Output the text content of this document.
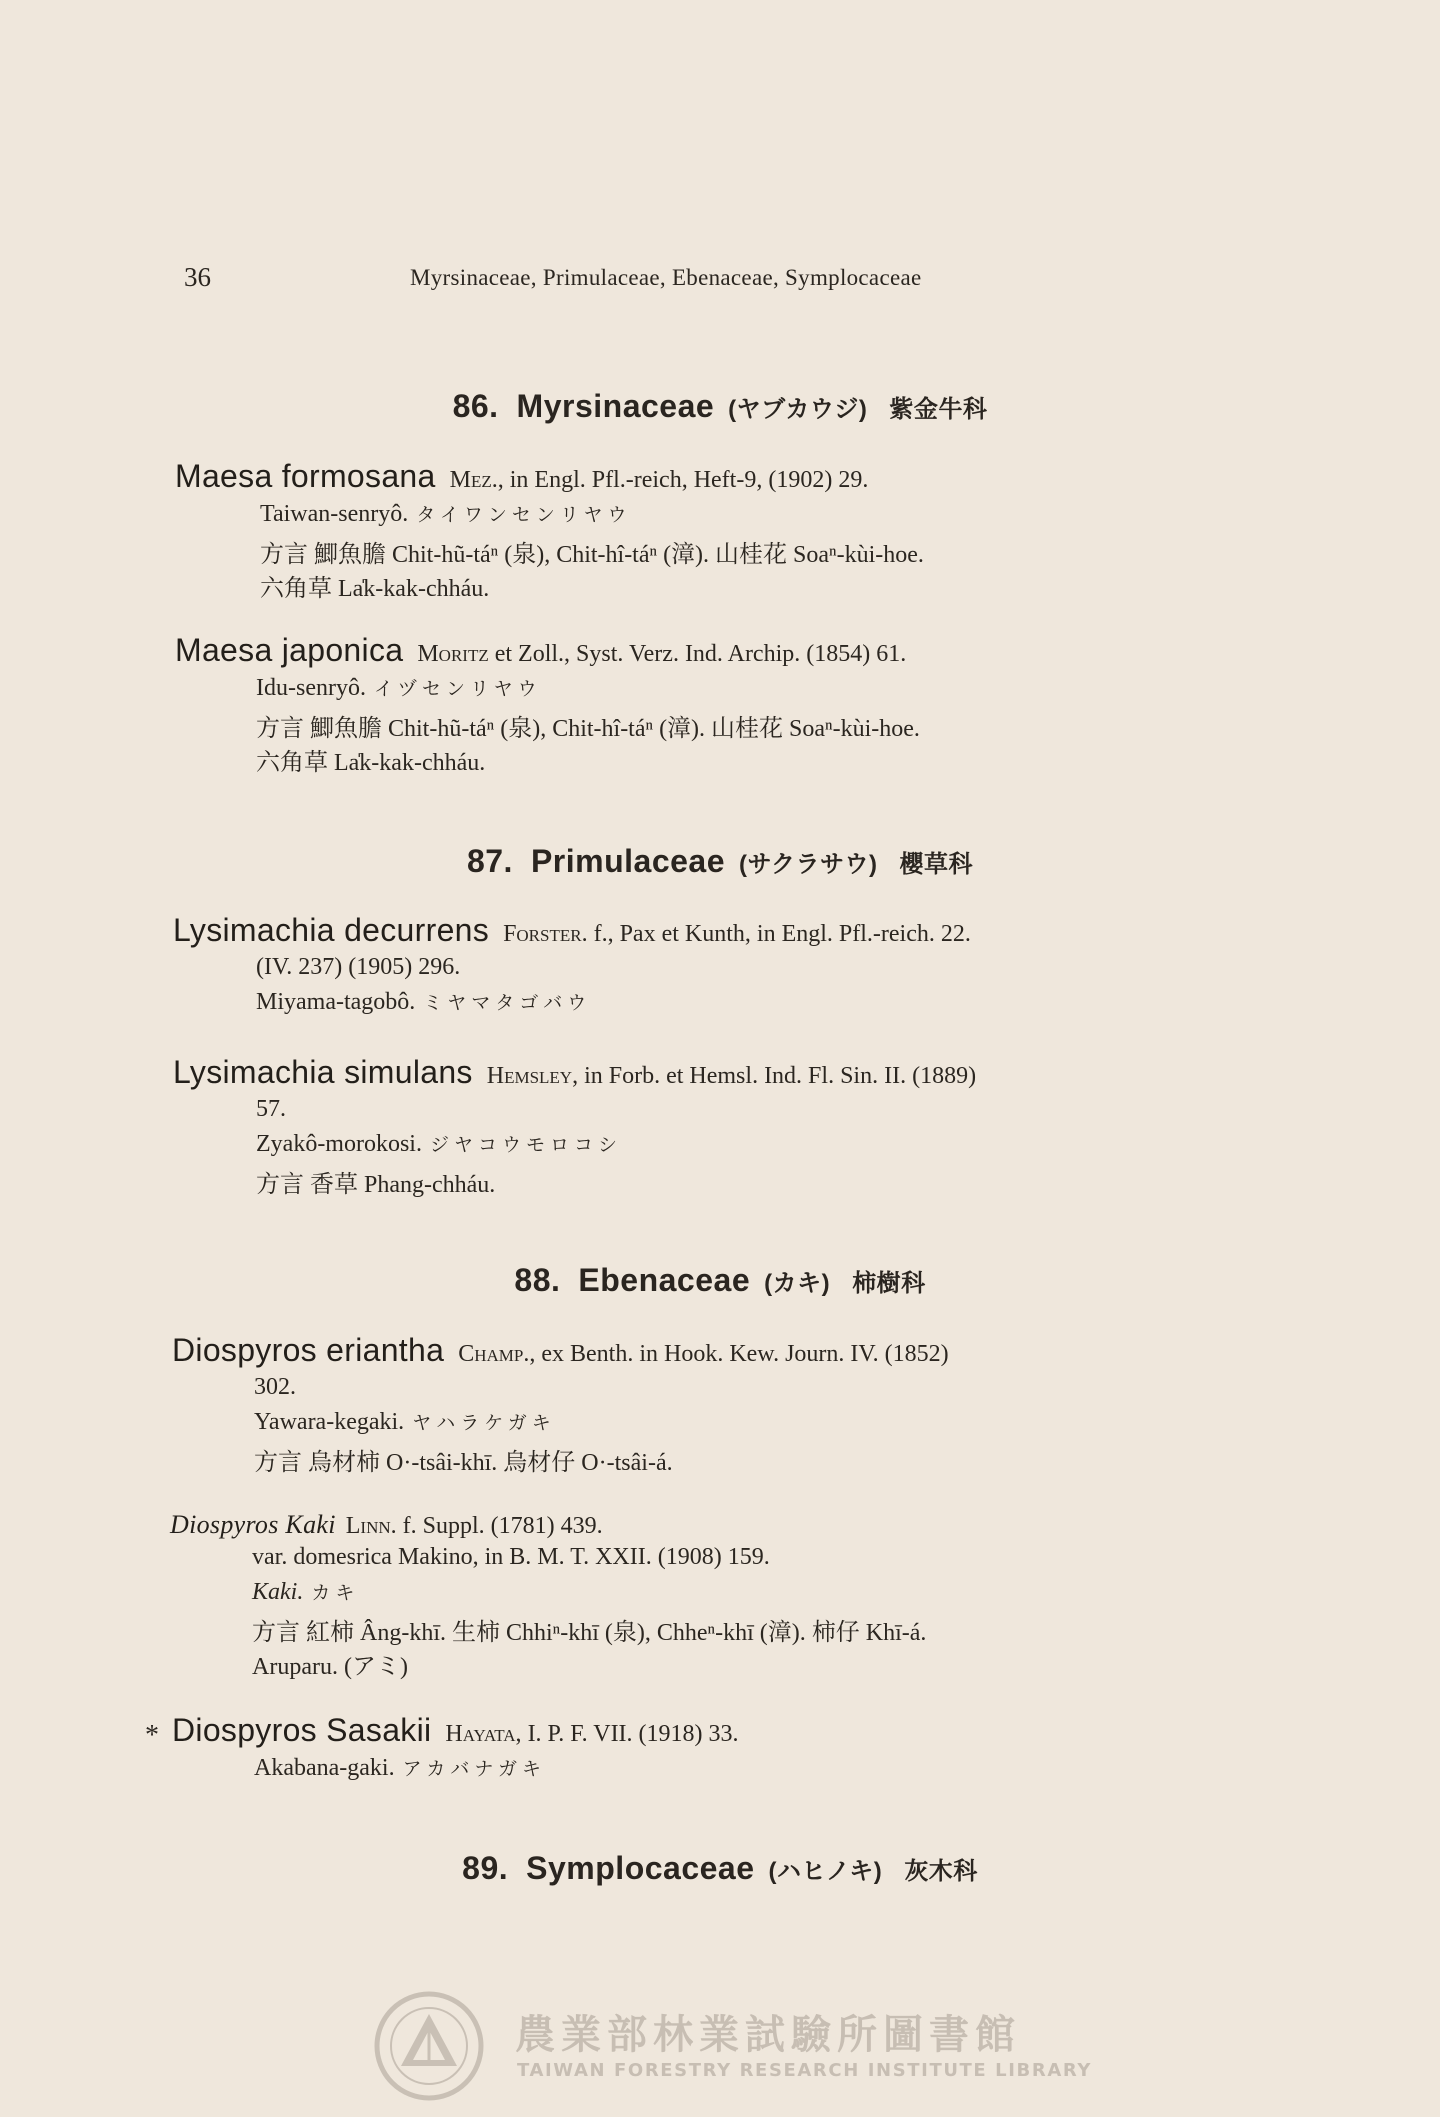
36	Myrsinaceae, Primulaceae, Ebenaceae, Symplocaceae
86. Myrsinaceae (ヤブカウジ) 紫金牛科
Maesa formosana Mez., in Engl. Pfl.-reich, Heft-9, (1902) 29.
Taiwan-senryô. タイワンセンリヤウ
方言 鯽魚膽 Chit-hũ-táⁿ (泉), Chit-hî-táⁿ (漳). 山桂花 Soaⁿ-kùi-hoe.
六角草 La̍k-kak-chháu.
Maesa japonica Moritz et Zoll., Syst. Verz. Ind. Archip. (1854) 61.
Idu-senryô. イヅセンリヤウ
方言 鯽魚膽 Chit-hũ-táⁿ (泉), Chit-hî-táⁿ (漳). 山桂花 Soaⁿ-kùi-hoe.
六角草 La̍k-kak-chháu.
87. Primulaceae (サクラサウ) 櫻草科
Lysimachia decurrens Forster. f., Pax et Kunth, in Engl. Pfl.-reich. 22.
(IV. 237) (1905) 296.
Miyama-tagobô. ミヤマタゴバウ
Lysimachia simulans Hemsley, in Forb. et Hemsl. Ind. Fl. Sin. II. (1889)
57.
Zyakô-morokosi. ジヤコウモロコシ
方言 香草 Phang-chháu.
88. Ebenaceae (カキ) 柿樹科
Diospyros eriantha Champ., ex Benth. in Hook. Kew. Journ. IV. (1852)
302.
Yawara-kegaki. ヤハラケガキ
方言 烏材柿 O·-tsâi-khī. 烏材仔 O·-tsâi-á.
Diospyros Kaki Linn. f. Suppl. (1781) 439.
var. domesrica Makino, in B. M. T. XXII. (1908) 159.
Kaki. カキ
方言 紅柿 Âng-khī. 生柿 Chhiⁿ-khī (泉), Chheⁿ-khī (漳). 柿仔 Khī-á.
Aruparu. (アミ)
* Diospyros Sasakii Hayata, I. P. F. VII. (1918) 33.
Akabana-gaki. アカバナガキ
89. Symplocaceae (ハヒノキ) 灰木科
農業部林業試驗所圖書館
TAIWAN FORESTRY RESEARCH INSTITUTE LIBRARY
